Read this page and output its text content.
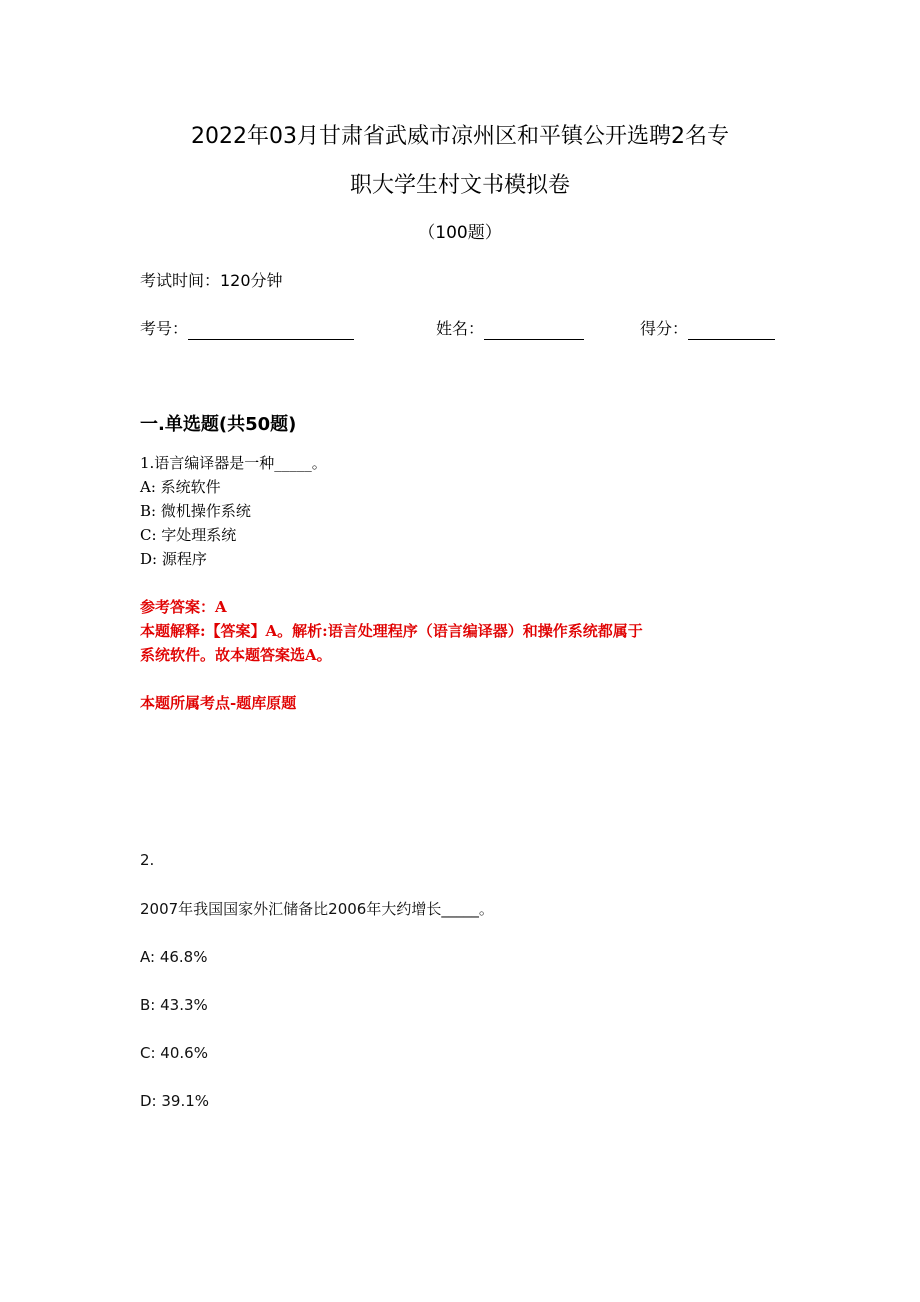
2022年03月甘肃省武威市凉州区和平镇公开选聘2名专
职大学生村文书模拟卷
（100题）
考试时间：120分钟
考号：	姓名：	得分：
一.单选题(共50题)
1.语言编译器是一种_____。
A: 系统软件
B: 微机操作系统
C: 字处理系统
D: 源程序
参考答案：A
本题解释:【答案】A。解析:语言处理程序（语言编译器）和操作系统都属于
系统软件。故本题答案选A。
本题所属考点-题库原题
2.
2007年我国国家外汇储备比2006年大约增长_____。
A: 46.8%
B: 43.3%
C: 40.6%
D: 39.1%
